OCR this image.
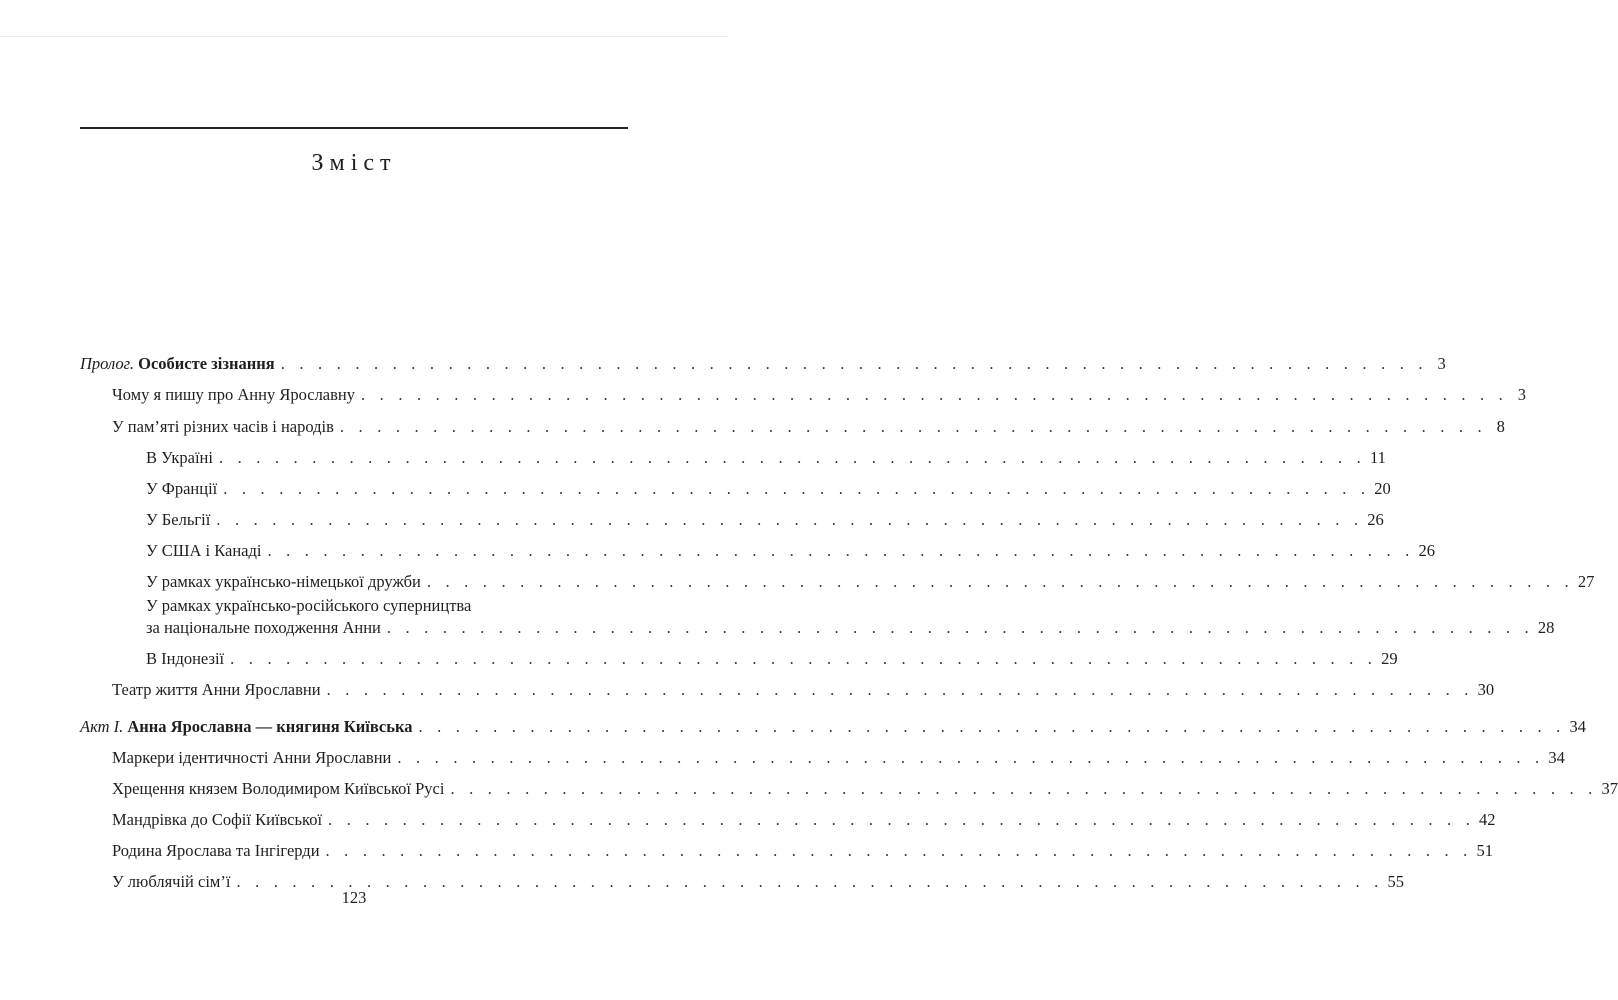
Зміст
Пролог. Особисте зізнання . . . . . . . . . . . . . . . . . . . . . . . . . . . . . . . . . . . . . . . . . . . . . . . . . . . . . . . . . . . . . . 3
Чому я пишу про Анну Ярославну . . . . . . . . . . . . . . . . . . . . . . . . . . . . . . . . . . . . . . . . . . . . . . . . . . . . . . . . . . . . . . 3
У пам’яті різних часів і народів . . . . . . . . . . . . . . . . . . . . . . . . . . . . . . . . . . . . . . . . . . . . . . . . . . . . . . . . . . . . . . 8
В Україні . . . . . . . . . . . . . . . . . . . . . . . . . . . . . . . . . . . . . . . . . . . . . . . . . . . . . . . . . . . . . . 11
У Франції . . . . . . . . . . . . . . . . . . . . . . . . . . . . . . . . . . . . . . . . . . . . . . . . . . . . . . . . . . . . . . 20
У Бельгії . . . . . . . . . . . . . . . . . . . . . . . . . . . . . . . . . . . . . . . . . . . . . . . . . . . . . . . . . . . . . . 26
У США і Канаді . . . . . . . . . . . . . . . . . . . . . . . . . . . . . . . . . . . . . . . . . . . . . . . . . . . . . . . . . . . . . . 26
У рамках українсько-німецької дружби . . . . . . . . . . . . . . . . . . . . . . . . . . . . . . . . . . . . . . . . . . . . . . . . . . . . . . . . . . . . . . 27
У рамках українсько-російського суперництва
за національне походження Анни . . . . . . . . . . . . . . . . . . . . . . . . . . . . . . . . . . . . . . . . . . . . . . . . . . . . . . . . . . . . . . 28
В Індонезії . . . . . . . . . . . . . . . . . . . . . . . . . . . . . . . . . . . . . . . . . . . . . . . . . . . . . . . . . . . . . . 29
Театр життя Анни Ярославни . . . . . . . . . . . . . . . . . . . . . . . . . . . . . . . . . . . . . . . . . . . . . . . . . . . . . . . . . . . . . . 30
Акт І. Анна Ярославна — княгиня Київська . . . . . . . . . . . . . . . . . . . . . . . . . . . . . . . . . . . . . . . . . . . . . . . . . . . . . . . . . . . . . . 34
Маркери ідентичності Анни Ярославни . . . . . . . . . . . . . . . . . . . . . . . . . . . . . . . . . . . . . . . . . . . . . . . . . . . . . . . . . . . . . . 34
Хрещення князем Володимиром Київської Русі . . . . . . . . . . . . . . . . . . . . . . . . . . . . . . . . . . . . . . . . . . . . . . . . . . . . . . . . . . . . . . 37
Мандрівка до Софії Київської . . . . . . . . . . . . . . . . . . . . . . . . . . . . . . . . . . . . . . . . . . . . . . . . . . . . . . . . . . . . . . 42
Родина Ярослава та Інгігерди . . . . . . . . . . . . . . . . . . . . . . . . . . . . . . . . . . . . . . . . . . . . . . . . . . . . . . . . . . . . . . 51
У люблячій сім’ї . . . . . . . . . . . . . . . . . . . . . . . . . . . . . . . . . . . . . . . . . . . . . . . . . . . . . . . . . . . . . . 55
123
